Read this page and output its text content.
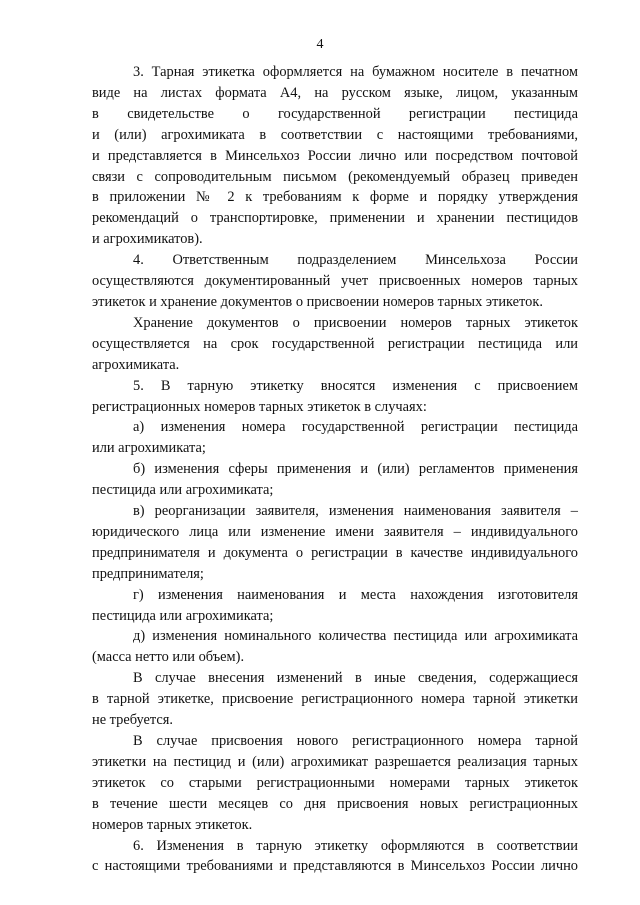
4
3. Тарная этикетка оформляется на бумажном носителе в печатном
виде на листах формата А4, на русском языке, лицом, указанным
в свидетельстве о государственной регистрации пестицида
и (или) агрохимиката в соответствии с настоящими требованиями,
и представляется в Минсельхоз России лично или посредством почтовой
связи с сопроводительным письмом (рекомендуемый образец приведен
в приложении № 2 к требованиям к форме и порядку утверждения
рекомендаций о транспортировке, применении и хранении пестицидов
и агрохимикатов).
4. Ответственным подразделением Минсельхоза России
осуществляются документированный учет присвоенных номеров тарных
этикеток и хранение документов о присвоении номеров тарных этикеток.
Хранение документов о присвоении номеров тарных этикеток
осуществляется на срок государственной регистрации пестицида или
агрохимиката.
5. В тарную этикетку вносятся изменения с присвоением
регистрационных номеров тарных этикеток в случаях:
а) изменения номера государственной регистрации пестицида
или агрохимиката;
б) изменения сферы применения и (или) регламентов применения
пестицида или агрохимиката;
в) реорганизации заявителя, изменения наименования заявителя –
юридического лица или изменение имени заявителя – индивидуального
предпринимателя и документа о регистрации в качестве индивидуального
предпринимателя;
г) изменения наименования и места нахождения изготовителя
пестицида или агрохимиката;
д) изменения номинального количества пестицида или агрохимиката
(масса нетто или объем).
В случае внесения изменений в иные сведения, содержащиеся
в тарной этикетке, присвоение регистрационного номера тарной этикетки
не требуется.
В случае присвоения нового регистрационного номера тарной
этикетки на пестицид и (или) агрохимикат разрешается реализация тарных
этикеток со старыми регистрационными номерами тарных этикеток
в течение шести месяцев со дня присвоения новых регистрационных
номеров тарных этикеток.
6. Изменения в тарную этикетку оформляются в соответствии
с настоящими требованиями и представляются в Минсельхоз России лично
